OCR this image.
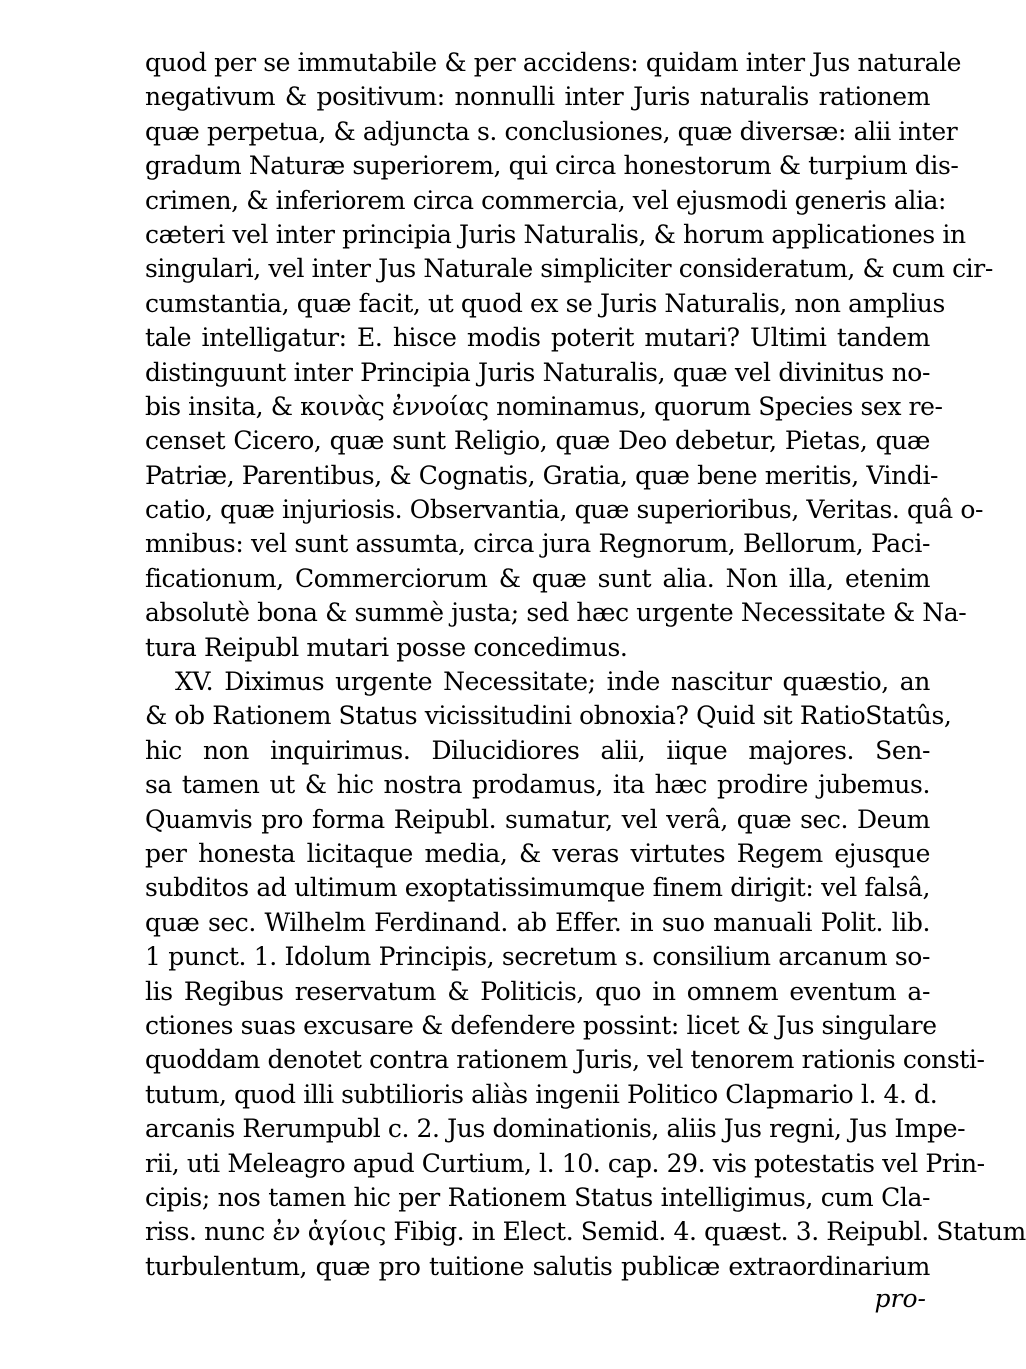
quod per se immutabile & per accidens: quidam inter Jus naturale
negativum & positivum: nonnulli inter Juris naturalis rationem
quæ perpetua, & adjuncta s. conclusiones, quæ diversæ: alii inter
gradum Naturæ superiorem, qui circa honestorum & turpium dis-
crimen, & inferiorem circa commercia, vel ejusmodi generis alia:
cæteri vel inter principia Juris Naturalis, & horum applicationes in
singulari, vel inter Jus Naturale simpliciter consideratum, & cum cir-
cumstantia, quæ facit, ut quod ex se Juris Naturalis, non amplius
tale intelligatur: E. hisce modis poterit mutari? Ultimi tandem
distinguunt inter Principia Juris Naturalis, quæ vel divinitus no-
bis insita, & κοινὰς ἐννοίας nominamus, quorum Species sex re-
censet Cicero, quæ sunt Religio, quæ Deo debetur, Pietas, quæ
Patriæ, Parentibus, & Cognatis, Gratia, quæ bene meritis, Vindi-
catio, quæ injuriosis. Observantia, quæ superioribus, Veritas. quâ o-
mnibus: vel sunt assumta, circa jura Regnorum, Bellorum, Paci-
ficationum, Commerciorum & quæ sunt alia. Non illa, etenim
absolutè bona & summè justa; sed hæc urgente Necessitate & Na-
tura Reipubl mutari posse concedimus.
XV. Diximus urgente Necessitate; inde nascitur quæstio, an
& ob Rationem Status vicissitudini obnoxia? Quid sit RatioStatûs,
hic non inquirimus. Dilucidiores alii, iique majores. Sen-
sa tamen ut & hic nostra prodamus, ita hæc prodire jubemus.
Quamvis pro forma Reipubl. sumatur, vel verâ, quæ sec. Deum
per honesta licitaque media, & veras virtutes Regem ejusque
subditos ad ultimum exoptatissimumque finem dirigit: vel falsâ,
quæ sec. Wilhelm Ferdinand. ab Effer. in suo manuali Polit. lib.
1 punct. 1. Idolum Principis, secretum s. consilium arcanum so-
lis Regibus reservatum & Politicis, quo in omnem eventum a-
ctiones suas excusare & defendere possint: licet & Jus singulare
quoddam denotet contra rationem Juris, vel tenorem rationis consti-
tutum, quod illi subtilioris aliàs ingenii Politico Clapmario l. 4. d.
arcanis Rerumpubl c. 2. Jus dominationis, aliis Jus regni, Jus Impe-
rii, uti Meleagro apud Curtium, l. 10. cap. 29. vis potestatis vel Prin-
cipis; nos tamen hic per Rationem Status intelligimus, cum Cla-
riss. nunc ἐν ἁγίοις Fibig. in Elect. Semid. 4. quæst. 3. Reipubl. Statum
turbulentum, quæ pro tuitione salutis publicæ extraordinarium
pro-
